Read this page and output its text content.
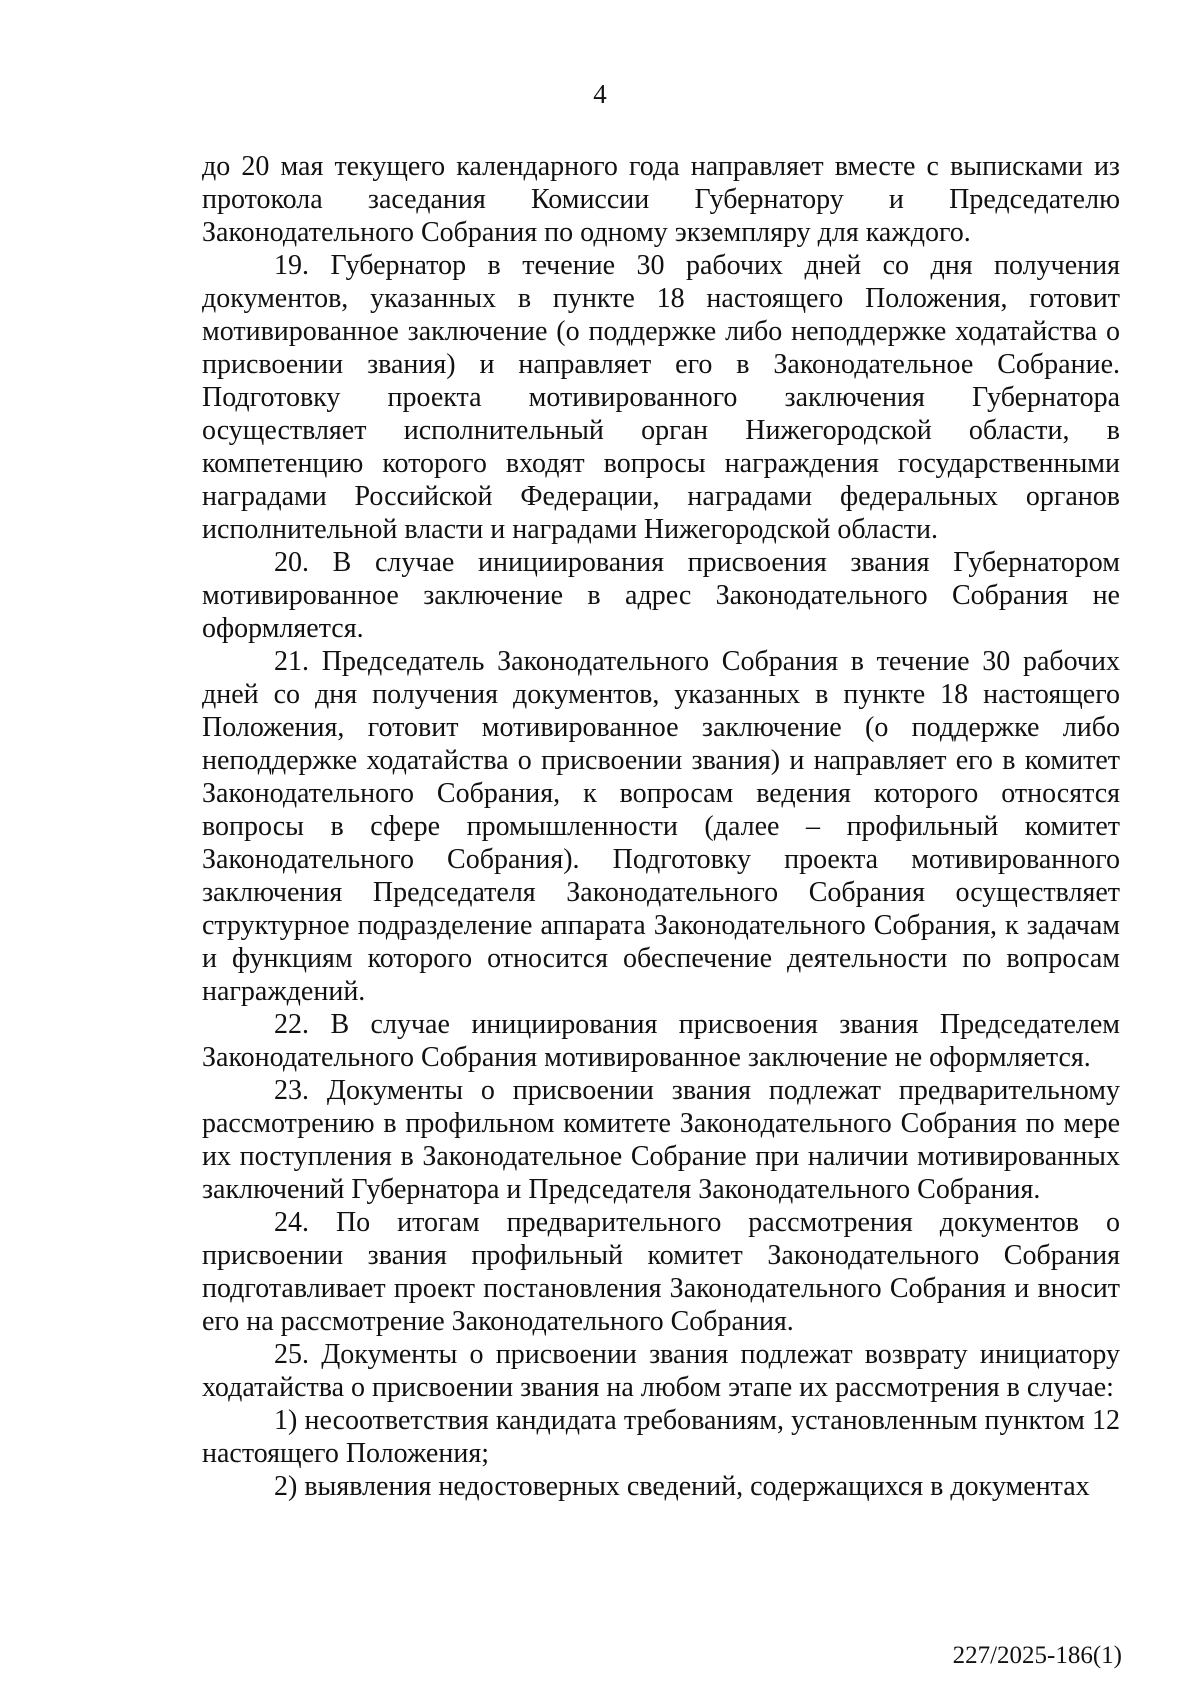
4

до 20 мая текущего календарного года направляет вместе с выписками из протокола заседания Комиссии Губернатору и Председателю Законодательного Собрания по одному экземпляру для каждого.

19. Губернатор в течение 30 рабочих дней со дня получения документов, указанных в пункте 18 настоящего Положения, готовит мотивированное заключение (о поддержке либо неподдержке ходатайства о присвоении звания) и направляет его в Законодательное Собрание. Подготовку проекта мотивированного заключения Губернатора осуществляет исполнительный орган Нижегородской области, в компетенцию которого входят вопросы награждения государственными наградами Российской Федерации, наградами федеральных органов исполнительной власти и наградами Нижегородской области.

20. В случае инициирования присвоения звания Губернатором мотивированное заключение в адрес Законодательного Собрания не оформляется.

21. Председатель Законодательного Собрания в течение 30 рабочих дней со дня получения документов, указанных в пункте 18 настоящего Положения, готовит мотивированное заключение (о поддержке либо неподдержке ходатайства о присвоении звания) и направляет его в комитет Законодательного Собрания, к вопросам ведения которого относятся вопросы в сфере промышленности (далее – профильный комитет Законодательного Собрания). Подготовку проекта мотивированного заключения Председателя Законодательного Собрания осуществляет структурное подразделение аппарата Законодательного Собрания, к задачам и функциям которого относится обеспечение деятельности по вопросам награждений.

22. В случае инициирования присвоения звания Председателем Законодательного Собрания мотивированное заключение не оформляется.

23. Документы о присвоении звания подлежат предварительному рассмотрению в профильном комитете Законодательного Собрания по мере их поступления в Законодательное Собрание при наличии мотивированных заключений Губернатора и Председателя Законодательного Собрания.

24. По итогам предварительного рассмотрения документов о присвоении звания профильный комитет Законодательного Собрания подготавливает проект постановления Законодательного Собрания и вносит его на рассмотрение Законодательного Собрания.

25. Документы о присвоении звания подлежат возврату инициатору ходатайства о присвоении звания на любом этапе их рассмотрения в случае:

1) несоответствия кандидата требованиям, установленным пунктом 12 настоящего Положения;

2) выявления недостоверных сведений, содержащихся в документах

227/2025-186(1)
